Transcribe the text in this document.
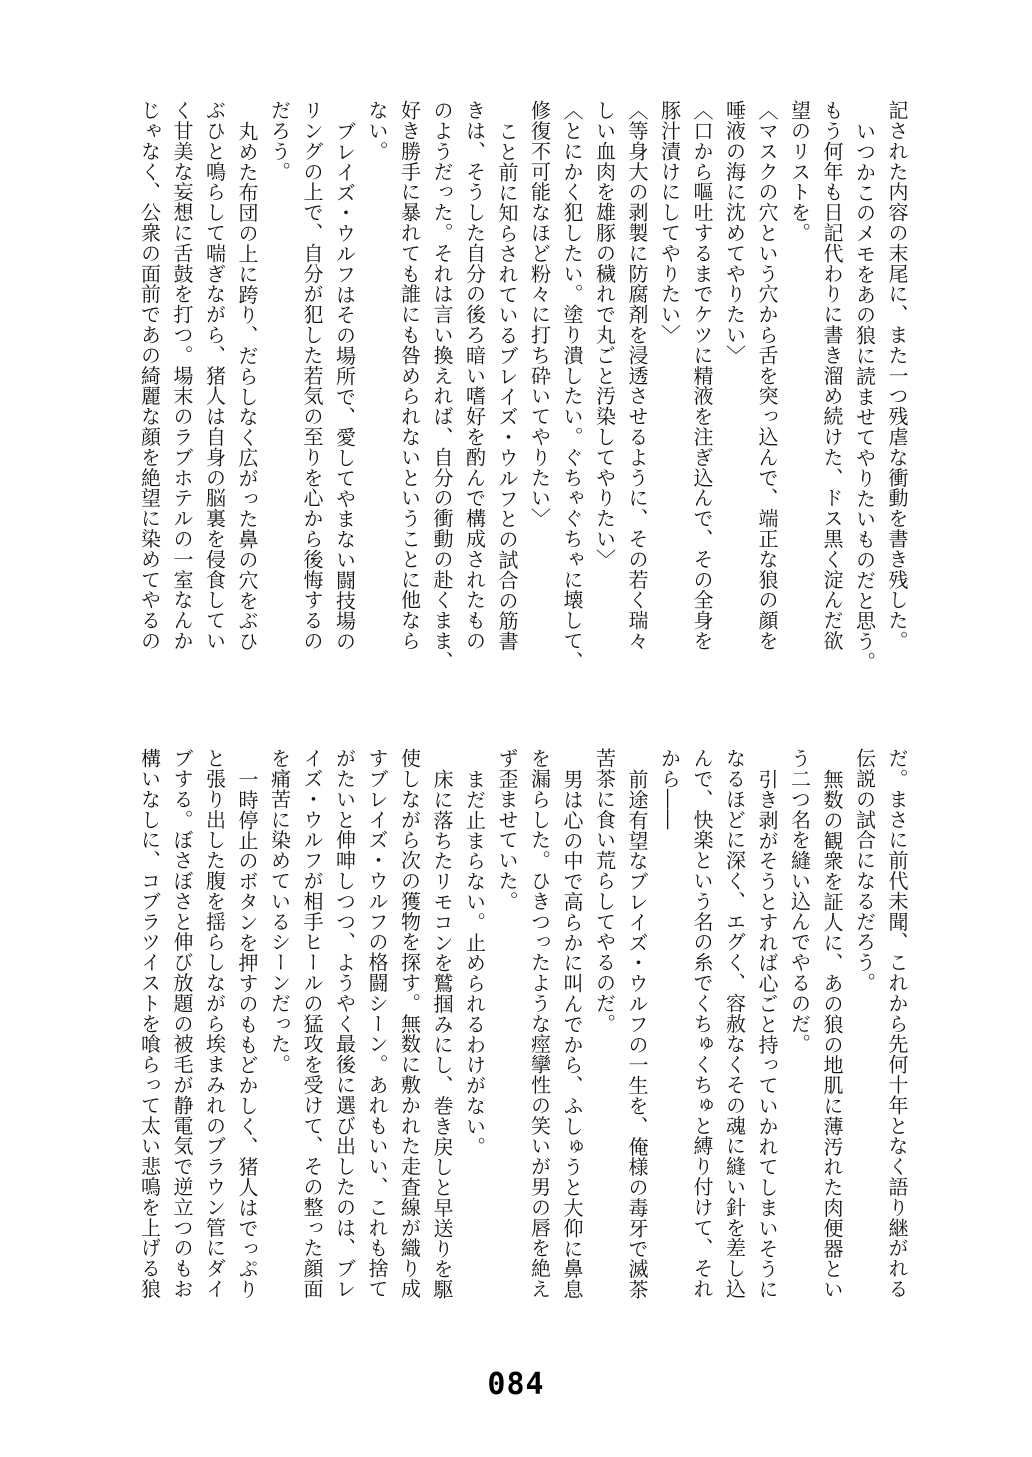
記された内容の末尾に、また一つ残虐な衝動を書き残した。
いつかこのメモをあの狼に読ませてやりたいものだと思う。
もう何年も日記代わりに書き溜め続けた、ドス黒く淀んだ欲
望のリストを。
〈マスクの穴という穴から舌を突っ込んで、端正な狼の顔を
唾液の海に沈めてやりたい〉
〈口から嘔吐するまでケツに精液を注ぎ込んで、その全身を
豚汁漬けにしてやりたい〉
〈等身大の剥製に防腐剤を浸透させるように、その若く瑞々
しい血肉を雄豚の穢れで丸ごと汚染してやりたい〉
〈とにかく犯したい。塗り潰したい。ぐちゃぐちゃに壊して、
修復不可能なほど粉々に打ち砕いてやりたい〉
こと前に知らされているブレイズ・ウルフとの試合の筋書
きは、そうした自分の後ろ暗い嗜好を酌んで構成されたもの
のようだった。それは言い換えれば、自分の衝動の赴くまま、
好き勝手に暴れても誰にも咎められないということに他なら
ない。
ブレイズ・ウルフはその場所で、愛してやまない闘技場の
リングの上で、自分が犯した若気の至りを心から後悔するの
だろう。
丸めた布団の上に跨り、だらしなく広がった鼻の穴をぶひ
ぶひと鳴らして喘ぎながら、猪人は自身の脳裏を侵食してい
く甘美な妄想に舌鼓を打つ。場末のラブホテルの一室なんか
じゃなく、公衆の面前であの綺麗な顔を絶望に染めてやるの
だ。まさに前代未聞、これから先何十年となく語り継がれる
伝説の試合になるだろう。
無数の観衆を証人に、あの狼の地肌に薄汚れた肉便器とい
う二つ名を縫い込んでやるのだ。
引き剥がそうとすれば心ごと持っていかれてしまいそうに
なるほどに深く、エグく、容赦なくその魂に縫い針を差し込
んで、快楽という名の糸でくちゅくちゅと縛り付けて、それ
から――
前途有望なブレイズ・ウルフの一生を、俺様の毒牙で滅茶
苦茶に食い荒らしてやるのだ。
男は心の中で高らかに叫んでから、ふしゅうと大仰に鼻息
を漏らした。ひきつったような痙攣性の笑いが男の唇を絶え
ず歪ませていた。
まだ止まらない。止められるわけがない。
床に落ちたリモコンを鷲掴みにし、巻き戻しと早送りを駆
使しながら次の獲物を探す。無数に敷かれた走査線が織り成
すブレイズ・ウルフの格闘シーン。あれもいい、これも捨て
がたいと伸呻しつつ、ようやく最後に選び出したのは、ブレ
イズ・ウルフが相手ヒールの猛攻を受けて、その整った顔面
を痛苦に染めているシーンだった。
一時停止のボタンを押すのももどかしく、猪人はでっぷり
と張り出した腹を揺らしながら埃まみれのブラウン管にダイ
ブする。ぼさぼさと伸び放題の被毛が静電気で逆立つのもお
構いなしに、コブラツイストを喰らって太い悲鳴を上げる狼
084
